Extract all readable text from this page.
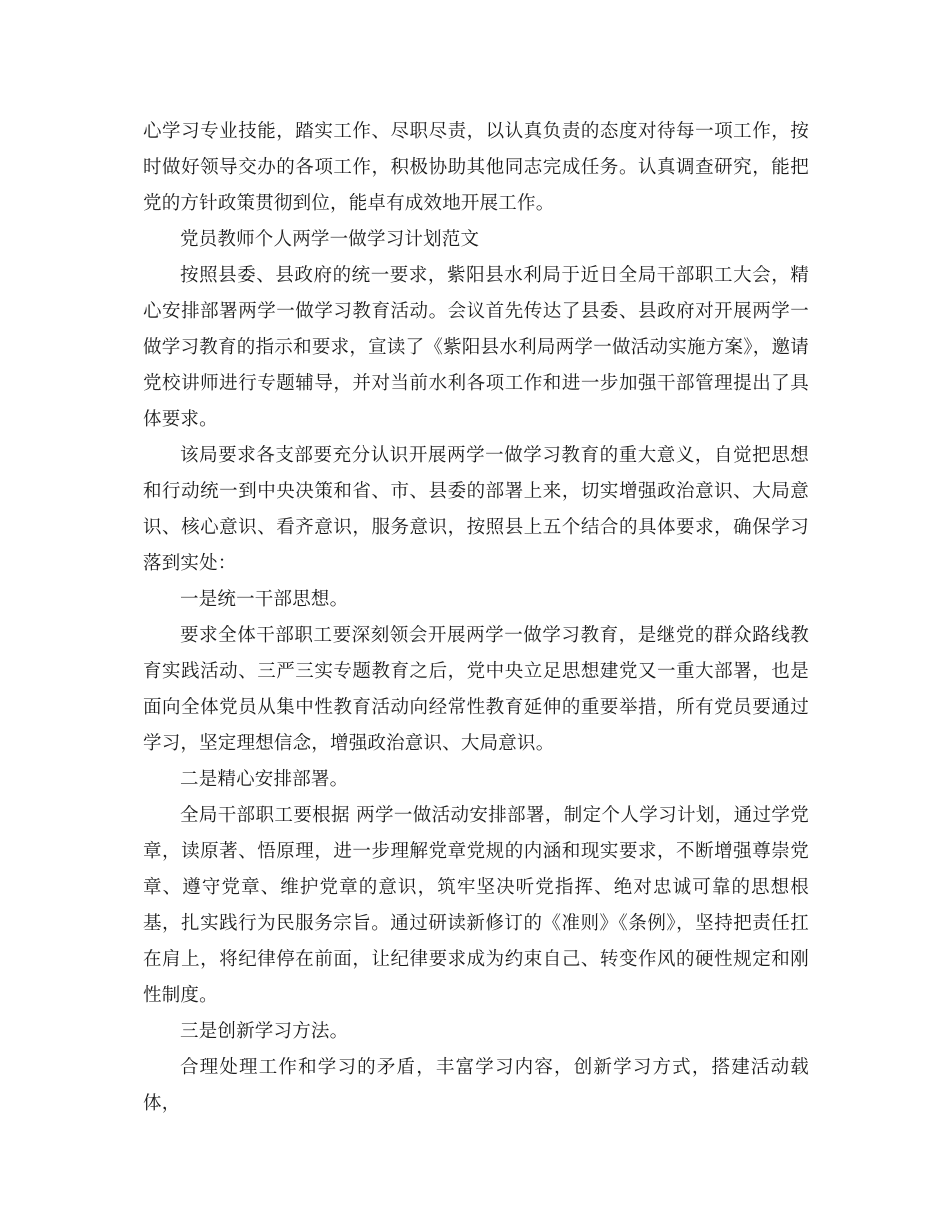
心学习专业技能，踏实工作、尽职尽责，以认真负责的态度对待每一项工作，按时做好领导交办的各项工作，积极协助其他同志完成任务。认真调查研究，能把党的方针政策贯彻到位，能卓有成效地开展工作。

党员教师个人两学一做学习计划范文

按照县委、县政府的统一要求，紫阳县水利局于近日全局干部职工大会，精心安排部署两学一做学习教育活动。会议首先传达了县委、县政府对开展两学一做学习教育的指示和要求，宣读了《紫阳县水利局两学一做活动实施方案》，邀请党校讲师进行专题辅导，并对当前水利各项工作和进一步加强干部管理提出了具体要求。

该局要求各支部要充分认识开展两学一做学习教育的重大意义，自觉把思想和行动统一到中央决策和省、市、县委的部署上来，切实增强政治意识、大局意识、核心意识、看齐意识，服务意识，按照县上五个结合的具体要求，确保学习落到实处：

一是统一干部思想。

要求全体干部职工要深刻领会开展两学一做学习教育，是继党的群众路线教育实践活动、三严三实专题教育之后，党中央立足思想建党又一重大部署，也是面向全体党员从集中性教育活动向经常性教育延伸的重要举措，所有党员要通过学习，坚定理想信念，增强政治意识、大局意识。

二是精心安排部署。

全局干部职工要根据 两学一做活动安排部署，制定个人学习计划，通过学党章，读原著、悟原理，进一步理解党章党规的内涵和现实要求，不断增强尊崇党章、遵守党章、维护党章的意识，筑牢坚决听党指挥、绝对忠诚可靠的思想根基，扎实践行为民服务宗旨。通过研读新修订的《准则》《条例》，坚持把责任扛在肩上，将纪律停在前面，让纪律要求成为约束自己、转变作风的硬性规定和刚性制度。

三是创新学习方法。

合理处理工作和学习的矛盾，丰富学习内容，创新学习方式，搭建活动载体，
